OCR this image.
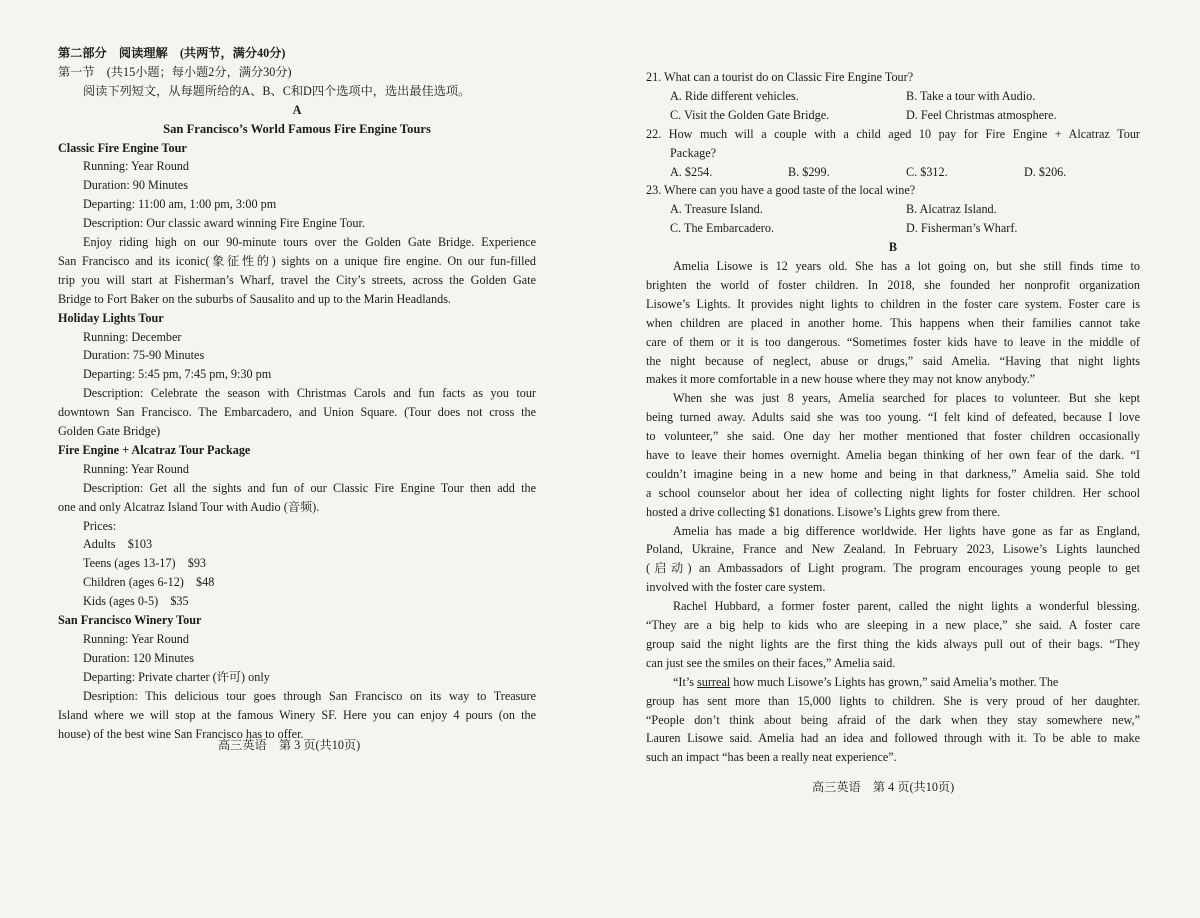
第二部分　阅读理解　(共两节，满分40分)
第一节　(共15小题；每小题2分，满分30分)
阅读下列短文，从每题所给的A、B、C和D四个选项中，选出最佳选项。
A
San Francisco’s World Famous Fire Engine Tours
Classic Fire Engine Tour
Running: Year Round
Duration: 90 Minutes
Departing: 11:00 am, 1:00 pm, 3:00 pm
Description: Our classic award winning Fire Engine Tour.
Enjoy riding high on our 90-minute tours over the Golden Gate Bridge. Experience
San Francisco and its iconic(象征性的) sights on a unique fire engine. On our fun-filled
trip you will start at Fisherman’s Wharf, travel the City’s streets, across the Golden Gate
Bridge to Fort Baker on the suburbs of Sausalito and up to the Marin Headlands.
Holiday Lights Tour
Running: December
Duration: 75-90 Minutes
Departing: 5:45 pm, 7:45 pm, 9:30 pm
Description: Celebrate the season with Christmas Carols and fun facts as you tour
downtown San Francisco. The Embarcadero, and Union Square. (Tour does not cross the
Golden Gate Bridge)
Fire Engine + Alcatraz Tour Package
Running: Year Round
Description: Get all the sights and fun of our Classic Fire Engine Tour then add the
one and only Alcatraz Island Tour with Audio (音频).
Prices:
Adults　$103
Teens (ages 13-17)　$93
Children (ages 6-12)　$48
Kids (ages 0-5)　$35
San Francisco Winery Tour
Running: Year Round
Duration: 120 Minutes
Departing: Private charter (许可) only
Desription: This delicious tour goes through San Francisco on its way to Treasure
Island where we will stop at the famous Winery SF. Here you can enjoy 4 pours (on the
house) of the best wine San Francisco has to offer.
高三英语　第 3 页(共10页)
21. What can a tourist do on Classic Fire Engine Tour?
A. Ride different vehicles.	B. Take a tour with Audio.
C. Visit the Golden Gate Bridge.	D. Feel Christmas atmosphere.
22. How much will a couple with a child aged 10 pay for Fire Engine + Alcatraz Tour
Package?
A. $254.	B. $299.	C. $312.	D. $206.
23. Where can you have a good taste of the local wine?
A. Treasure Island.	B. Alcatraz Island.
C. The Embarcadero.	D. Fisherman’s Wharf.
B
Amelia Lisowe is 12 years old. She has a lot going on, but she still finds time to
brighten the world of foster children. In 2018, she founded her nonprofit organization
Lisowe’s Lights. It provides night lights to children in the foster care system. Foster care is
when children are placed in another home. This happens when their families cannot take
care of them or it is too dangerous. “Sometimes foster kids have to leave in the middle of
the night because of neglect, abuse or drugs,” said Amelia. “Having that night lights
makes it more comfortable in a new house where they may not know anybody.”
When she was just 8 years, Amelia searched for places to volunteer. But she kept
being turned away. Adults said she was too young. “I felt kind of defeated, because I love
to volunteer,” she said. One day her mother mentioned that foster children occasionally
have to leave their homes overnight. Amelia began thinking of her own fear of the dark. “I
couldn’t imagine being in a new home and being in that darkness,” Amelia said. She told
a school counselor about her idea of collecting night lights for foster children. Her school
hosted a drive collecting $1 donations. Lisowe’s Lights grew from there.
Amelia has made a big difference worldwide. Her lights have gone as far as England,
Poland, Ukraine, France and New Zealand. In February 2023, Lisowe’s Lights launched
(启动) an Ambassadors of Light program. The program encourages young people to get
involved with the foster care system.
Rachel Hubbard, a former foster parent, called the night lights a wonderful blessing.
“They are a big help to kids who are sleeping in a new place,” she said. A foster care
group said the night lights are the first thing the kids always pull out of their bags. “They
can just see the smiles on their faces,” Amelia said.
“It’s surreal how much Lisowe’s Lights has grown,” said Amelia’s mother. The
group has sent more than 15,000 lights to children. She is very proud of her daughter.
“People don’t think about being afraid of the dark when they stay somewhere new,”
Lauren Lisowe said. Amelia had an idea and followed through with it. To be able to make
such an impact “has been a really neat experience”.
高三英语　第 4 页(共10页)
